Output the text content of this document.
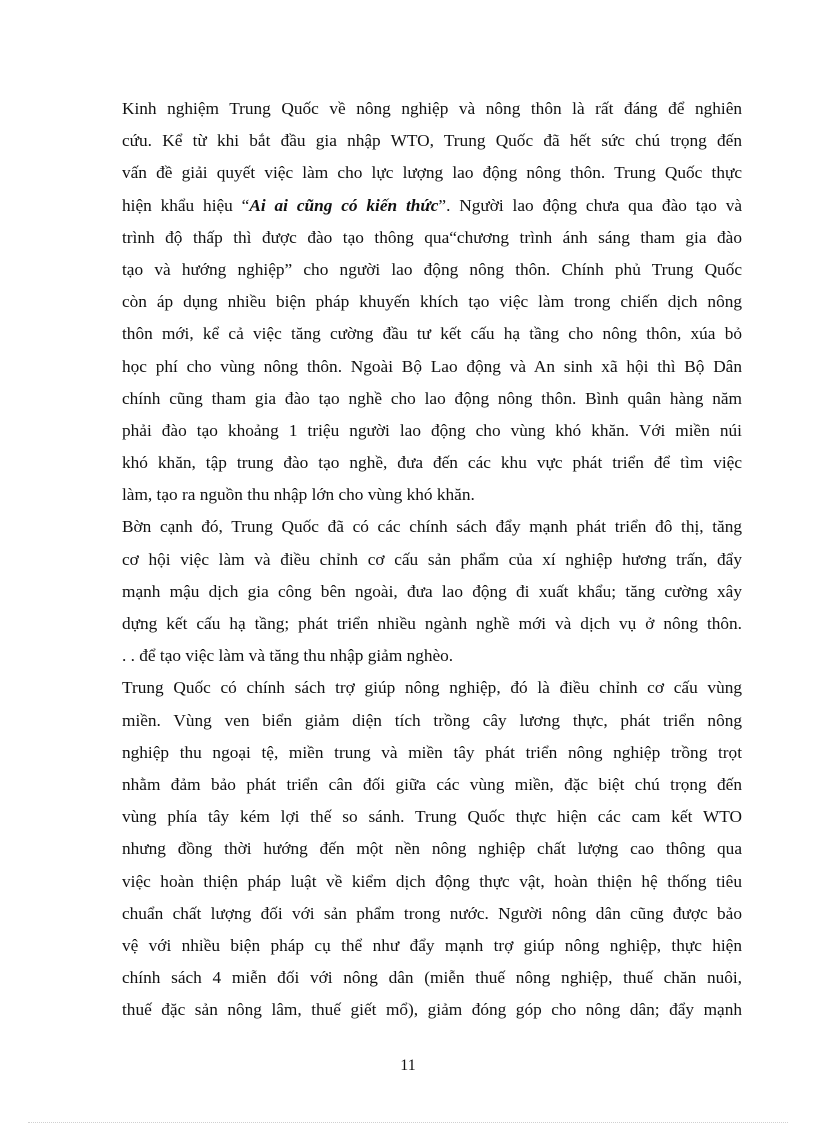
Kinh nghiệm Trung Quốc về nông nghiệp và nông thôn là rất đáng để nghiên
cứu. Kể từ khi bắt đầu gia nhập WTO, Trung Quốc đã hết sức chú trọng đến
vấn đề giải quyết việc làm cho lực lượng lao động nông thôn. Trung Quốc thực
hiện khẩu hiệu “Ai ai cũng có kiến thức”. Người lao động chưa qua đào tạo và
trình độ thấp thì được đào tạo thông qua“chương trình ánh sáng tham gia đào
tạo và hướng nghiệp” cho người lao động nông thôn. Chính phủ Trung Quốc
còn áp dụng nhiều biện pháp khuyến khích tạo việc làm trong chiến dịch nông
thôn mới, kể cả việc tăng cường đầu tư kết cấu hạ tầng cho nông thôn, xúa bỏ
học phí cho vùng nông thôn. Ngoài Bộ Lao động và An sinh xã hội thì Bộ Dân
chính cũng tham gia đào tạo nghề cho lao động nông thôn. Bình quân hàng năm
phải đào tạo khoảng 1 triệu người lao động cho vùng khó khăn. Với miền núi
khó khăn, tập trung đào tạo nghề, đưa đến các khu vực phát triển để tìm việc
làm, tạo ra nguồn thu nhập lớn cho vùng khó khăn.
Bờn cạnh đó, Trung Quốc đã có các chính sách đẩy mạnh phát triển đô thị, tăng
cơ hội việc làm và điều chỉnh cơ cấu sản phẩm của xí nghiệp hương trấn, đẩy
mạnh mậu dịch gia công bên ngoài, đưa lao động đi xuất khẩu; tăng cường xây
dựng kết cấu hạ tầng; phát triển nhiều ngành nghề mới và dịch vụ ở nông thôn.
. . để tạo việc làm và tăng thu nhập giảm nghèo.
Trung Quốc có chính sách trợ giúp nông nghiệp, đó là điều chỉnh cơ cấu vùng
miền. Vùng ven biển giảm diện tích trồng cây lương thực, phát triển nông
nghiệp thu ngoại tệ, miền trung và miền tây phát triển nông nghiệp trồng trọt
nhằm đảm bảo phát triển cân đối giữa các vùng miền, đặc biệt chú trọng đến
vùng phía tây kém lợi thế so sánh. Trung Quốc thực hiện các cam kết WTO
nhưng đồng thời hướng đến một nền nông nghiệp chất lượng cao thông qua
việc hoàn thiện pháp luật về kiểm dịch động thực vật, hoàn thiện hệ thống tiêu
chuẩn chất lượng đối với sản phẩm trong nước. Người nông dân cũng được bảo
vệ với nhiều biện pháp cụ thể như đẩy mạnh trợ giúp nông nghiệp, thực hiện
chính sách 4 miễn đối với nông dân (miễn thuế nông nghiệp, thuế chăn nuôi,
thuế đặc sản nông lâm, thuế giết mổ), giảm đóng góp cho nông dân; đẩy mạnh
11
